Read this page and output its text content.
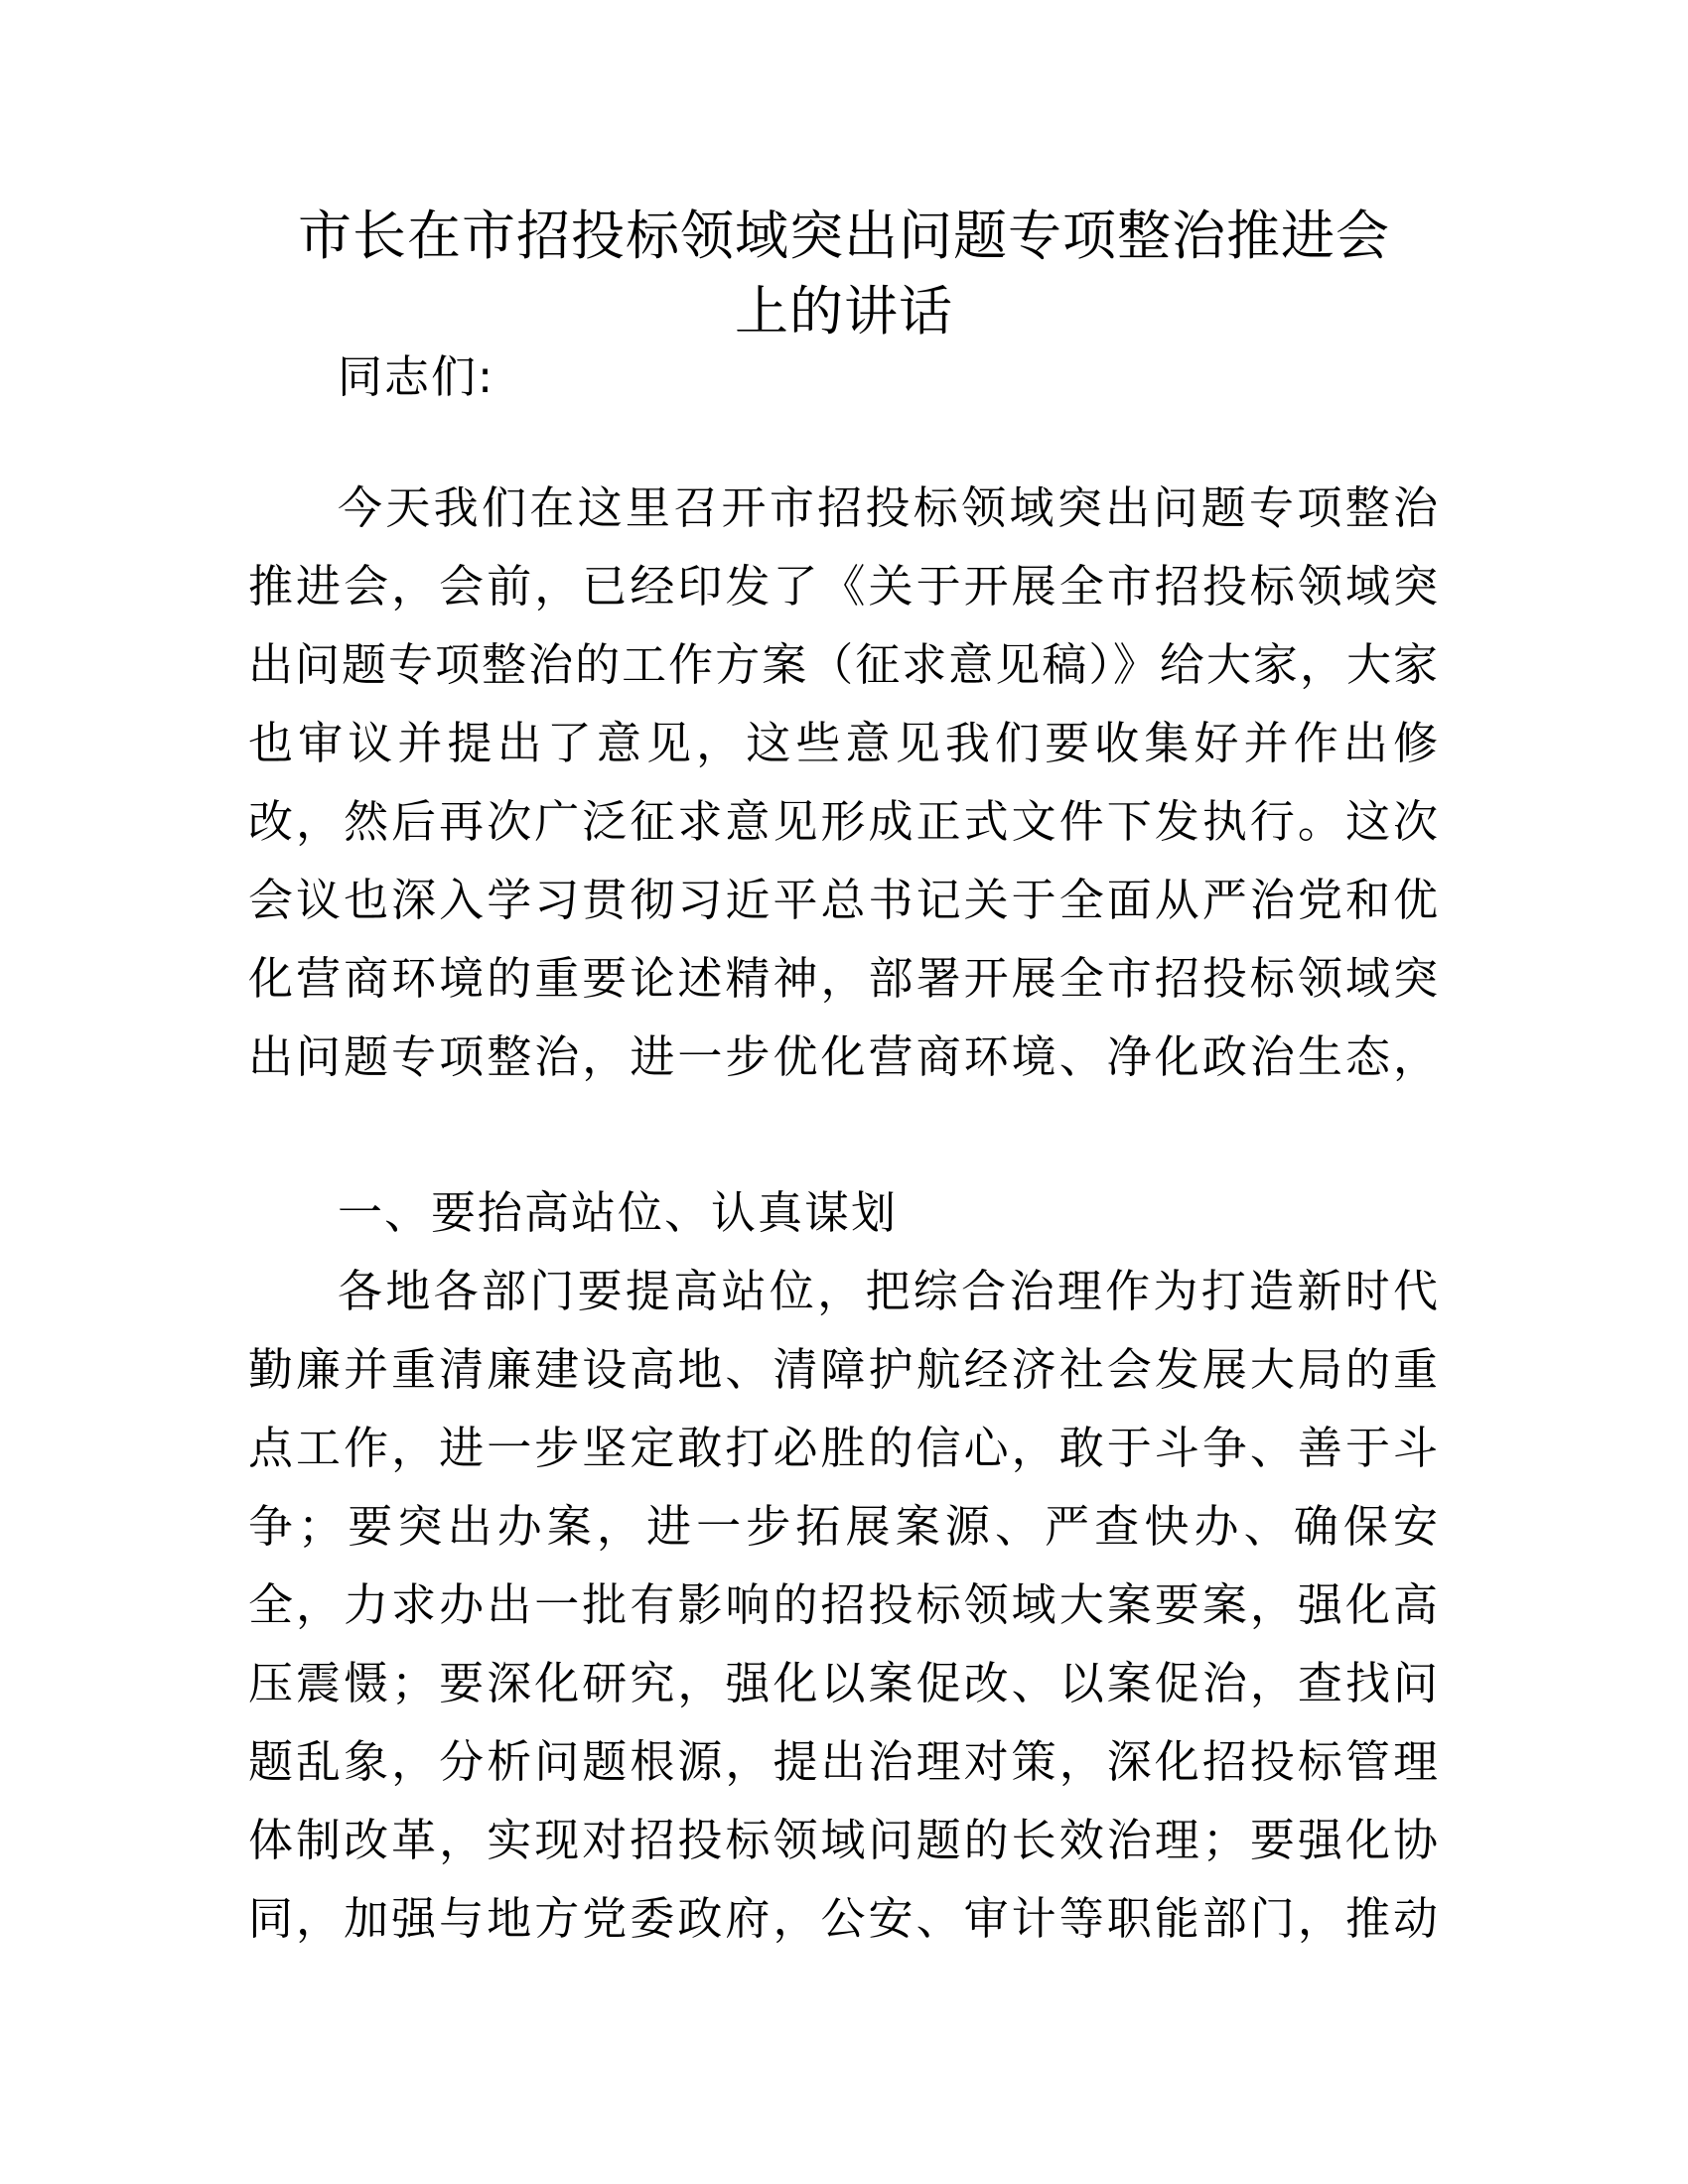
市长在市招投标领域突出问题专项整治推进会
上的讲话
同志们:
今天我们在这里召开市招投标领域突出问题专项整治推进会，会前，已经印发了《关于开展全市招投标领域突出问题专项整治的工作方案（征求意见稿）》给大家，大家也审议并提出了意见，这些意见我们要收集好并作出修改，然后再次广泛征求意见形成正式文件下发执行。这次会议也深入学习贯彻习近平总书记关于全面从严治党和优化营商环境的重要论述精神，部署开展全市招投标领域突出问题专项整治，进一步优化营商环境、净化政治生态，
一、要抬高站位、认真谋划
各地各部门要提高站位，把综合治理作为打造新时代勤廉并重清廉建设高地、清障护航经济社会发展大局的重点工作，进一步坚定敢打必胜的信心，敢于斗争、善于斗争；要突出办案，进一步拓展案源、严查快办、确保安全，力求办出一批有影响的招投标领域大案要案，强化高压震慑；要深化研究，强化以案促改、以案促治，查找问题乱象，分析问题根源，提出治理对策，深化招投标管理体制改革，实现对招投标领域问题的长效治理；要强化协同，加强与地方党委政府，公安、审计等职能部门，推动
